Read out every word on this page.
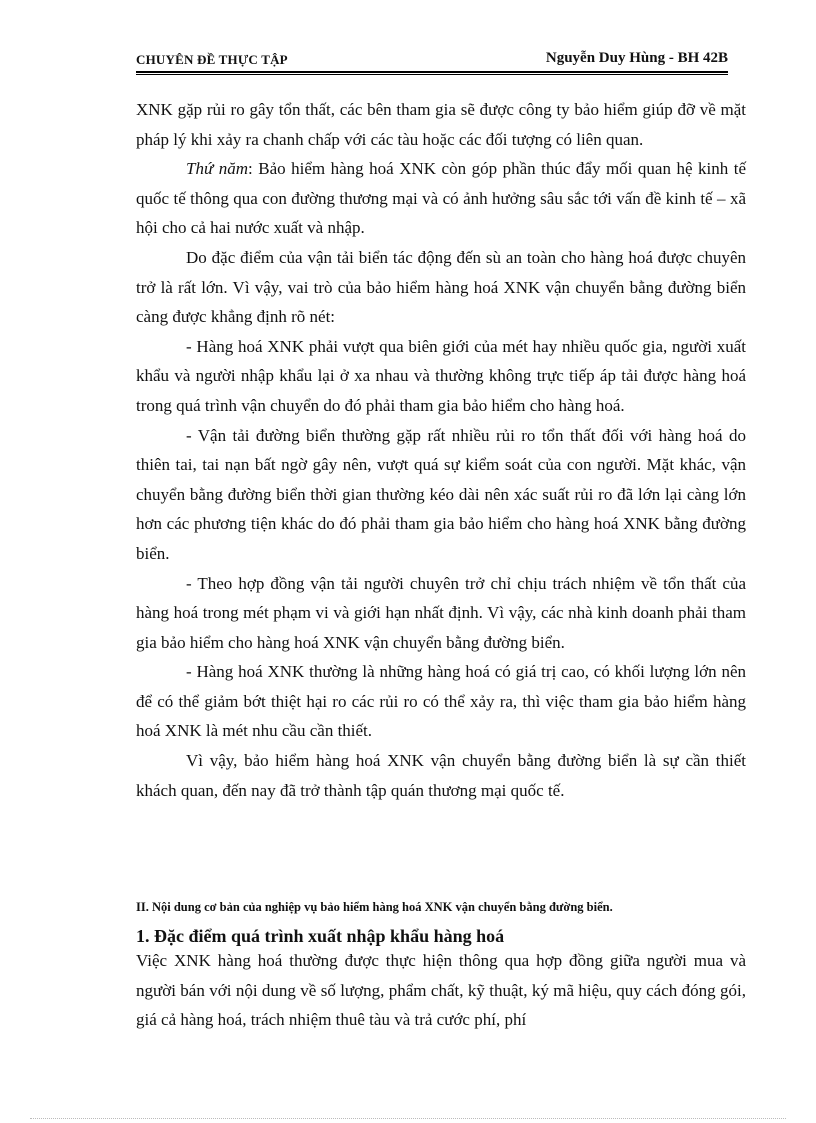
CHUYÊN ĐỀ THỰC TẬP	Nguyễn Duy Hùng - BH 42B

XNK gặp rủi ro gây tổn thất, các bên tham gia sẽ được công ty bảo hiểm giúp đỡ về mặt pháp lý khi xảy ra chanh chấp với các tàu hoặc các đối tượng có liên quan.

Thứ năm: Bảo hiểm hàng hoá XNK còn góp phần thúc đẩy mối quan hệ kinh tế quốc tế thông qua con đường thương mại và có ảnh hưởng sâu sắc tới vấn đề kinh tế – xã hội cho cả hai nước xuất và nhập.

Do đặc điểm của vận tải biển tác động đến sù an toàn cho hàng hoá được chuyên trở là rất lớn. Vì vậy, vai trò của bảo hiểm hàng hoá XNK vận chuyển bằng đường biển càng được khẳng định rõ nét:

- Hàng hoá XNK phải vượt qua biên giới của mét hay nhiều quốc gia, người xuất khẩu và người nhập khẩu lại ở xa nhau và thường không trực tiếp áp tải được hàng hoá trong quá trình vận chuyển do đó phải tham gia bảo hiểm cho hàng hoá.

- Vận tải đường biển thường gặp rất nhiều rủi ro tổn thất đối với hàng hoá do thiên tai, tai nạn bất ngờ gây nên, vượt quá sự kiểm soát của con người. Mặt khác, vận chuyển bằng đường biển thời gian thường kéo dài nên xác suất rủi ro đã lớn lại càng lớn hơn các phương tiện khác do đó phải tham gia bảo hiểm cho hàng hoá XNK bằng đường biển.

- Theo hợp đồng vận tải người chuyên trở chỉ chịu trách nhiệm về tổn thất của hàng hoá trong mét phạm vi và giới hạn nhất định. Vì vậy, các nhà kinh doanh phải tham gia bảo hiểm cho hàng hoá XNK vận chuyển bằng đường biển.

- Hàng hoá XNK thường là những hàng hoá có giá trị cao, có khối lượng lớn nên để có thể giảm bớt thiệt hại ro các rủi ro có thể xảy ra, thì việc tham gia bảo hiểm hàng hoá XNK là mét nhu cầu cần thiết.

Vì vậy, bảo hiểm hàng hoá XNK vận chuyển bằng đường biển là sự cần thiết khách quan, đến nay đã trở thành tập quán thương mại quốc tế.

II. Nội dung cơ bản của nghiệp vụ bảo hiểm hàng hoá XNK vận chuyển bằng đường biển.
1. Đặc điểm quá trình xuất nhập khẩu hàng hoá

Việc XNK hàng hoá thường được thực hiện thông qua hợp đồng giữa người mua và người bán với nội dung về số lượng, phẩm chất, kỹ thuật, ký mã hiệu, quy cách đóng gói, giá cả hàng hoá, trách nhiệm thuê tàu và trả cước phí, phí
